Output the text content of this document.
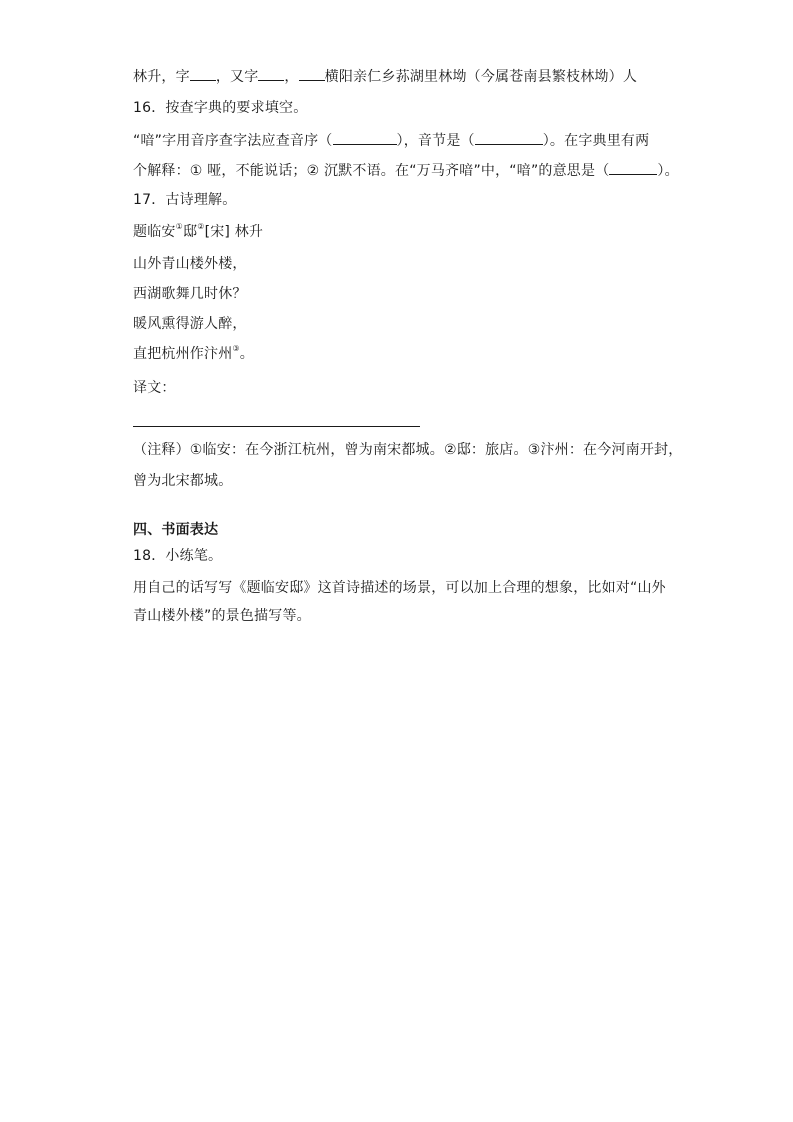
林升，字 ，又字 ， 横阳亲仁乡荪湖里林坳（今属苍南县繁枝林坳）人
16．按查字典的要求填空。
“喑”字用音序查字法应查音序（	），音节是（	）。在字典里有两
个解释：① 哑，不能说话；② 沉默不语。在“万马齐喑”中，“喑”的意思是（	）。
17．古诗理解。
题临安①邸②[宋] 林升
山外青山楼外楼，
西湖歌舞几时休？
暖风熏得游人醉，
直把杭州作汴州③。
译文：
（注释）①临安：在今浙江杭州，曾为南宋都城。②邸：旅店。③汴州：在今河南开封，
曾为北宋都城。
四、书面表达
18．小练笔。
用自己的话写写《题临安邸》这首诗描述的场景，可以加上合理的想象，比如对“山外
青山楼外楼”的景色描写等。
